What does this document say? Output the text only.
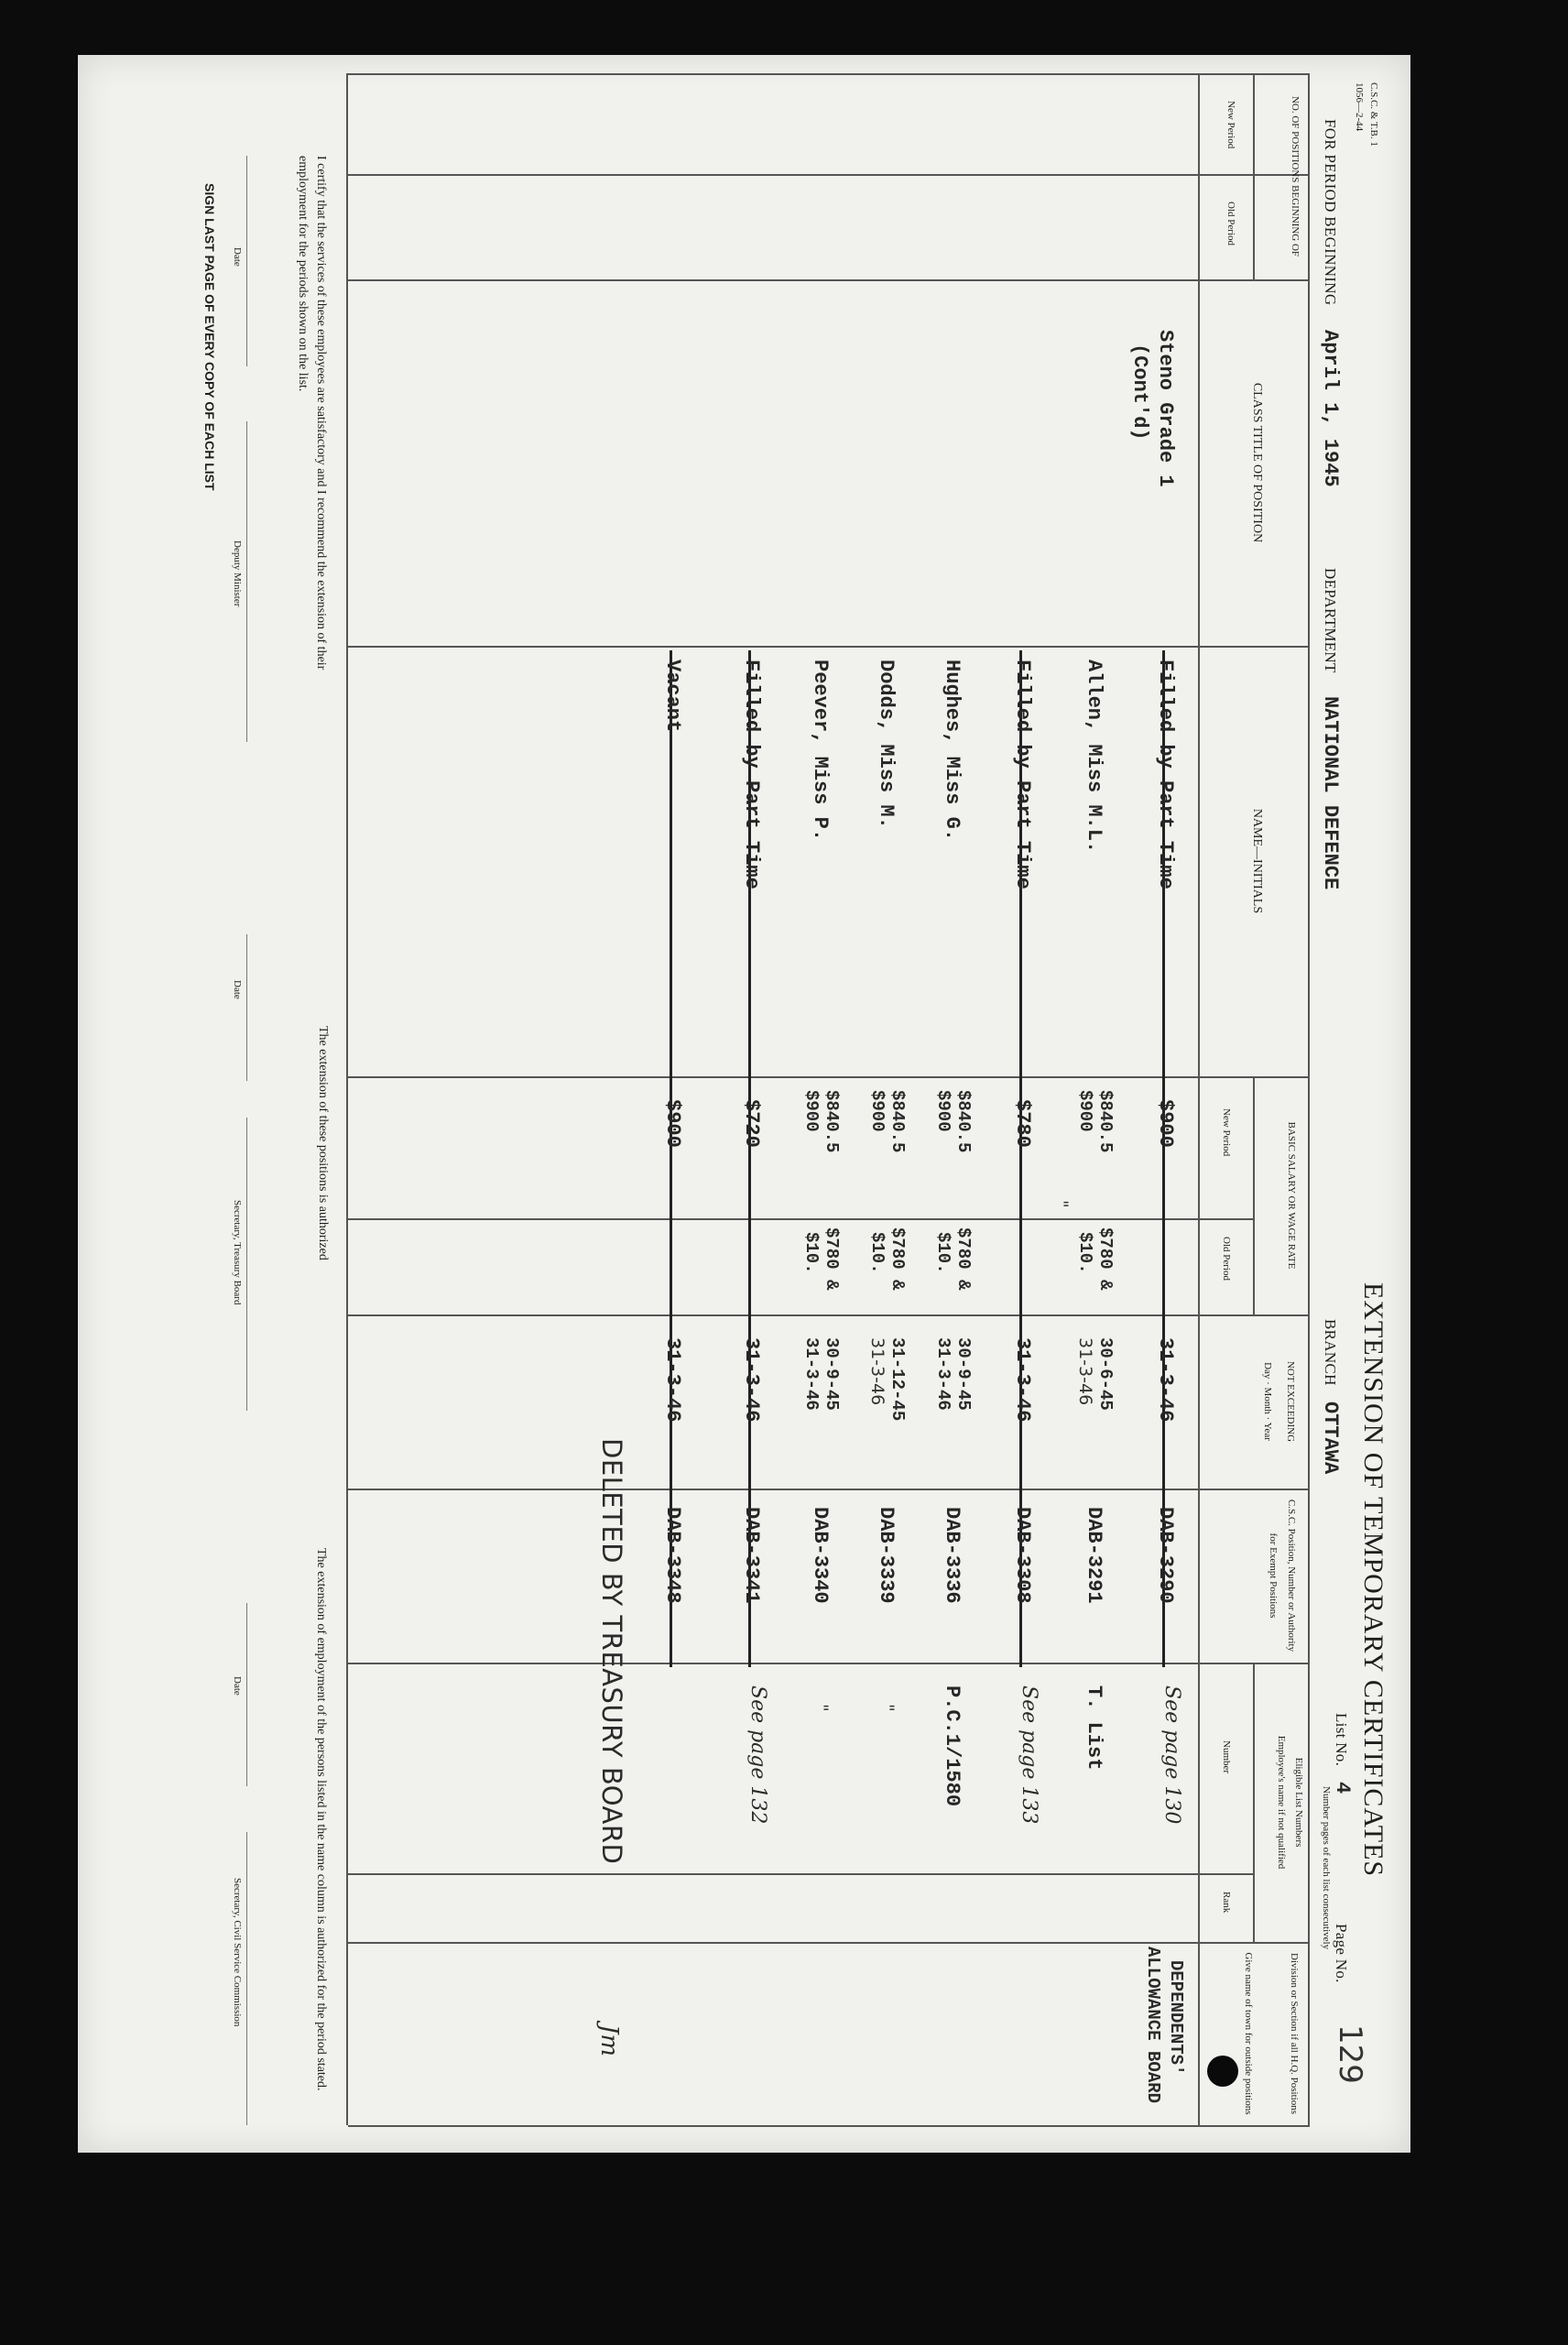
C.S.C. & T.B. 1
1056—2-44
EXTENSION OF TEMPORARY CERTIFICATES
FOR PERIOD BEGINNING
April 1, 1945
DEPARTMENT
NATIONAL DEFENCE
BRANCH
OTTAWA
List No.
4
Page No.
Number pages of each list consecutively
129
NO. OF POSITIONS BEGINNING OF
New Period
Old Period
CLASS TITLE OF POSITION
NAME—INITIALS
BASIC SALARY OR WAGE RATE
New Period
Old Period
NOT EXCEEDING
Day · Month · Year
C.S.C. Position, Number or Authority for Exempt Positions
Eligible List Numbers
Employee's name if not qualified
Number
Rank
Division or Section if all H.Q. Positions
Give name of town for outside positions
Steno Grade 1
(Cont'd)
DEPENDENTS'
ALLOWANCE BOARD
Filled by Part Time
$900
31-3-46
DAB-3290
See page 130
Allen, Miss M.L.
$840.5
$900
$780 &
$10.
30-6-45
31-3-46
DAB-3291
T. List
"
Filled by Part Time
$780
31-3-46
DAB-3308
See page 133
Hughes, Miss G.
$840.5
$900
$780 &
$10.
30-9-45
31-3-46
DAB-3336
P.C.1/1580
Dodds, Miss M.
$840.5
$900
$780 &
$10.
31-12-45
31-3-46
DAB-3339
"
Peever, Miss P.
$840.5
$900
$780 &
$10.
30-9-45
31-3-46
DAB-3340
"
Filled by Part Time
$720
31-3-46
DAB-3341
See page 132
Vacant
$900
31-3-46
DAB-3348
DELETED BY TREASURY BOARD
Jm
I certify that the services of these employees are satisfactory and I recommend the extension of their employment for the periods shown on the list.
Date
Deputy Minister
SIGN LAST PAGE OF EVERY COPY OF EACH LIST
The extension of these positions is authorized
Date
Secretary, Treasury Board
The extension of employment of the persons listed in the name column is authorized for the period stated.
Date
Secretary, Civil Service Commission
